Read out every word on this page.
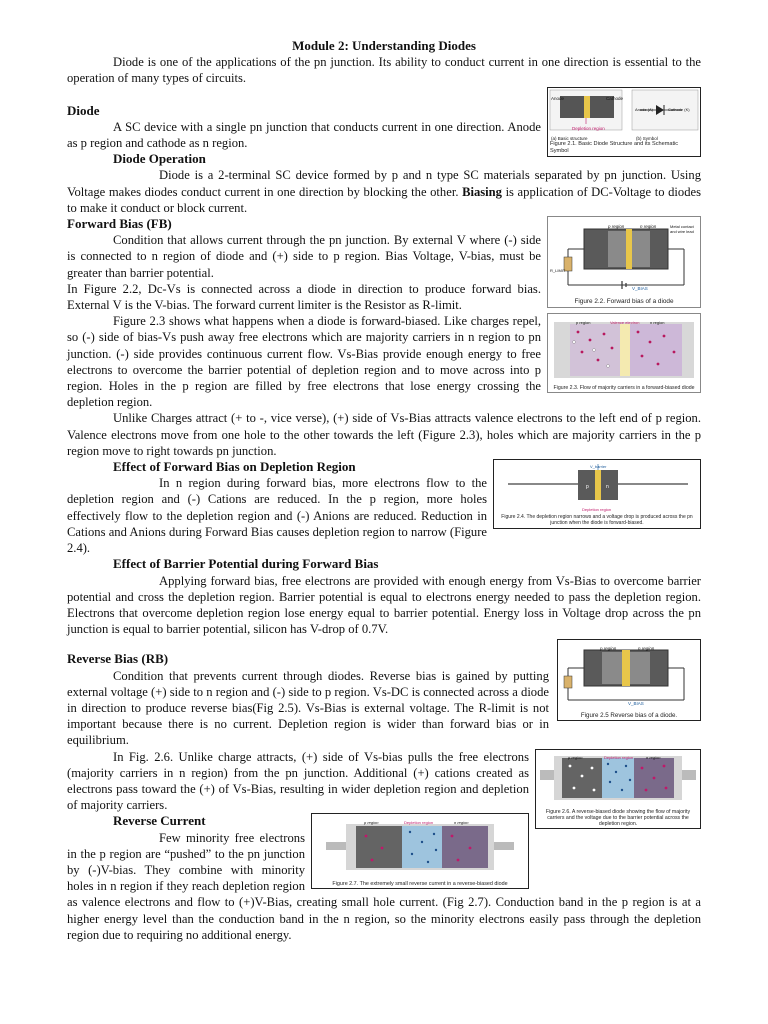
Module 2: Understanding Diodes

Diode is one of the applications of the pn junction. Its ability to conduct current in one direction is essential to the operation of many types of circuits.

Anode	Cathode
Depletion region
Anode (A)	Cathode (K)
(a) Basic structure	(b) Symbol
Figure 2.1. Basic Diode Structure and its Schematic Symbol
Diode

A SC device with a single pn junction that conducts current in one direction. Anode as p region and cathode as n region.

Diode Operation

Diode is a 2-terminal SC device formed by p and n type SC materials separated by pn junction. Using Voltage makes diodes conduct current in one direction by blocking the other. Biasing is application of DC-Voltage to diodes to make it conduct or block current.

p region	n region	Metal contact and wire lead
R_LIMIT
V_BIAS
Figure 2.2. Forward bias of a diode
Forward Bias (FB)

Condition that allows current through the pn junction. By external V where (-) side is connected to n region of diode and (+) side to p region. Bias Voltage, V-bias, must be greater than barrier potential.

In Figure 2.2, Dc-Vs is connected across a diode in direction to produce forward bias. External V is the V-bias. The forward current limiter is the Resistor as R-limit.

p region	Valence electron	n region
Figure 2.3. Flow of majority carriers in a forward-biased diode

Figure 2.3 shows what happens when a diode is forward-biased. Like charges repel, so (-) side of bias-Vs push away free electrons which are majority carriers in n region to pn junction. (-) side provides continuous current flow. Vs-Bias provide enough energy to free electrons to overcome the barrier potential of depletion region and to move across into p region. Holes in the p region are filled by free electrons that lose energy crossing the depletion region.

Unlike Charges attract (+ to -, vice verse), (+) side of Vs-Bias attracts valence electrons to the left end of p region. Valence electrons move from one hole to the other towards the left (Figure 2.3), holes which are majority carriers in the p region move to right towards pn junction.

p	n
V_barrier
Depletion region
Figure 2.4. The depletion region narrows and a voltage drop is produced across the pn junction when the diode is forward-biased.
Effect of Forward Bias on Depletion Region

In n region during forward bias, more electrons flow to the depletion region and (-) Cations are reduced. In the p region, more holes effectively flow to the depletion region and (-) Anions are reduced. Reduction in Cations and Anions during Forward Bias causes depletion region to narrow (Figure 2.4).

Effect of Barrier Potential during Forward Bias

Applying forward bias, free electrons are provided with enough energy from Vs-Bias to overcome barrier potential and cross the depletion region. Barrier potential is equal to electrons energy needed to pass the depletion region. Electrons that overcome depletion region lose energy equal to barrier potential. Energy loss in Voltage drop across the pn junction is equal to barrier potential, silicon has V-drop of 0.7V.

p region	n region
V_BIAS
Figure 2.5 Reverse bias of a diode.
Reverse Bias (RB)

Condition that prevents current through diodes. Reverse bias is gained by putting external voltage (+) side to n region and (-) side to p region. Vs-DC is connected across a diode in direction to produce reverse bias(Fig 2.5). Vs-Bias is external voltage. The R-limit is not important because there is no current. Depletion region is wider than forward bias or in equilibrium.

p region	Depletion region	n region
Figure 2.6. A reverse-biased diode showing the flow of majority carriers and the voltage due to the barrier potential across the depletion region.

In Fig. 2.6. Unlike charge attracts, (+) side of Vs-bias pulls the free electrons (majority carriers in n region) from the pn junction. Additional (+) cations created as electrons pass toward the (+) of Vs-Bias, resulting in wider depletion region and depletion of majority carriers.

p region	Depletion region	n region
Figure 2.7. The extremely small reverse current in a reverse-biased diode
Reverse Current

Few minority free electrons in the p region are “pushed” to the pn junction by (-)V-bias. They combine with minority holes in n region if they reach depletion region as valence electrons and flow to (+)V-Bias, creating small hole current. (Fig 2.7). Conduction band in the p region is at a higher energy level than the conduction band in the n region, so the minority electrons easily pass through the depletion region due to requiring no additional energy.
